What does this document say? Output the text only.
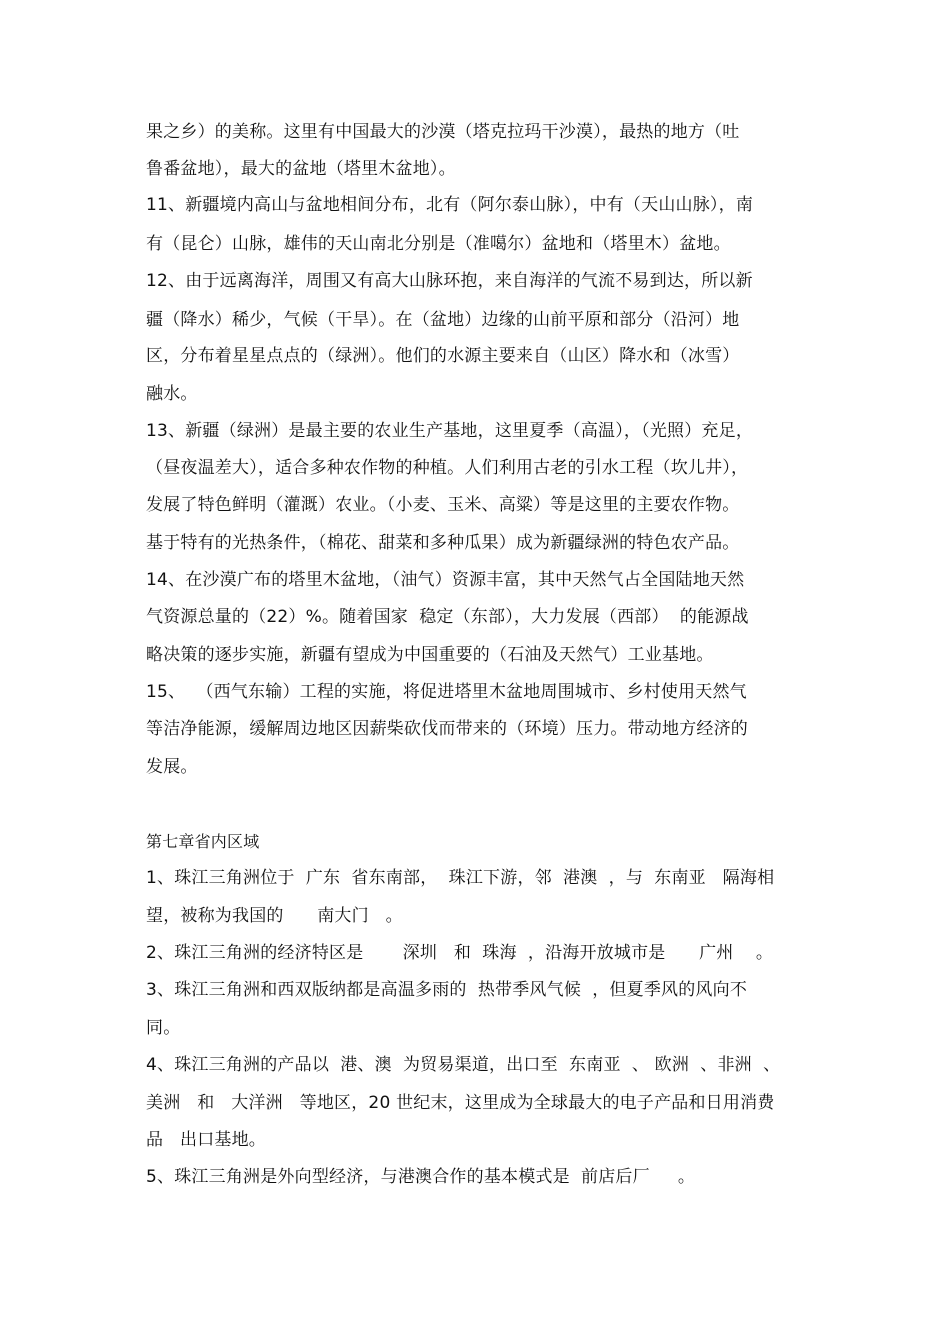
果之乡）的美称。这里有中国最大的沙漠（塔克拉玛干沙漠），最热的地方（吐
鲁番盆地），最大的盆地（塔里木盆地）。
11、新疆境内高山与盆地相间分布，北有（阿尔泰山脉），中有（天山山脉），南
有（昆仑）山脉，雄伟的天山南北分别是（准噶尔）盆地和（塔里木）盆地。
12、由于远离海洋，周围又有高大山脉环抱，来自海洋的气流不易到达，所以新
疆（降水）稀少，气候（干旱）。在（盆地）边缘的山前平原和部分（沿河）地
区，分布着星星点点的（绿洲）。他们的水源主要来自（山区）降水和（冰雪）
融水。
13、新疆（绿洲）是最主要的农业生产基地，这里夏季（高温），（光照）充足，
（昼夜温差大），适合多种农作物的种植。人们利用古老的引水工程（坎儿井），
发展了特色鲜明（灌溉）农业。（小麦、玉米、高粱）等是这里的主要农作物。
基于特有的光热条件，（棉花、甜菜和多种瓜果）成为新疆绿洲的特色农产品。
14、在沙漠广布的塔里木盆地，（油气）资源丰富，其中天然气占全国陆地天然
气资源总量的（22）%。随着国家  稳定（东部），大力发展（西部）  的能源战
略决策的逐步实施，新疆有望成为中国重要的（石油及天然气）工业基地。
15、  （西气东输）工程的实施，将促进塔里木盆地周围城市、乡村使用天然气
等洁净能源，缓解周边地区因薪柴砍伐而带来的（环境）压力。带动地方经济的
发展。
第七章省内区域
1、珠江三角洲位于  广东  省东南部，  珠江下游，邻  港澳  ，与  东南亚   隔海相
望，被称为我国的      南大门   。
2、珠江三角洲的经济特区是       深圳   和  珠海  ，沿海开放城市是      广州    。
3、珠江三角洲和西双版纳都是高温多雨的  热带季风气候  ，但夏季风的风向不
同。
4、珠江三角洲的产品以  港、澳  为贸易渠道，出口至  东南亚  、 欧洲  、非洲  、
美洲   和   大洋洲   等地区，20 世纪末，这里成为全球最大的电子产品和日用消费
品   出口基地。
5、珠江三角洲是外向型经济，与港澳合作的基本模式是  前店后厂     。
